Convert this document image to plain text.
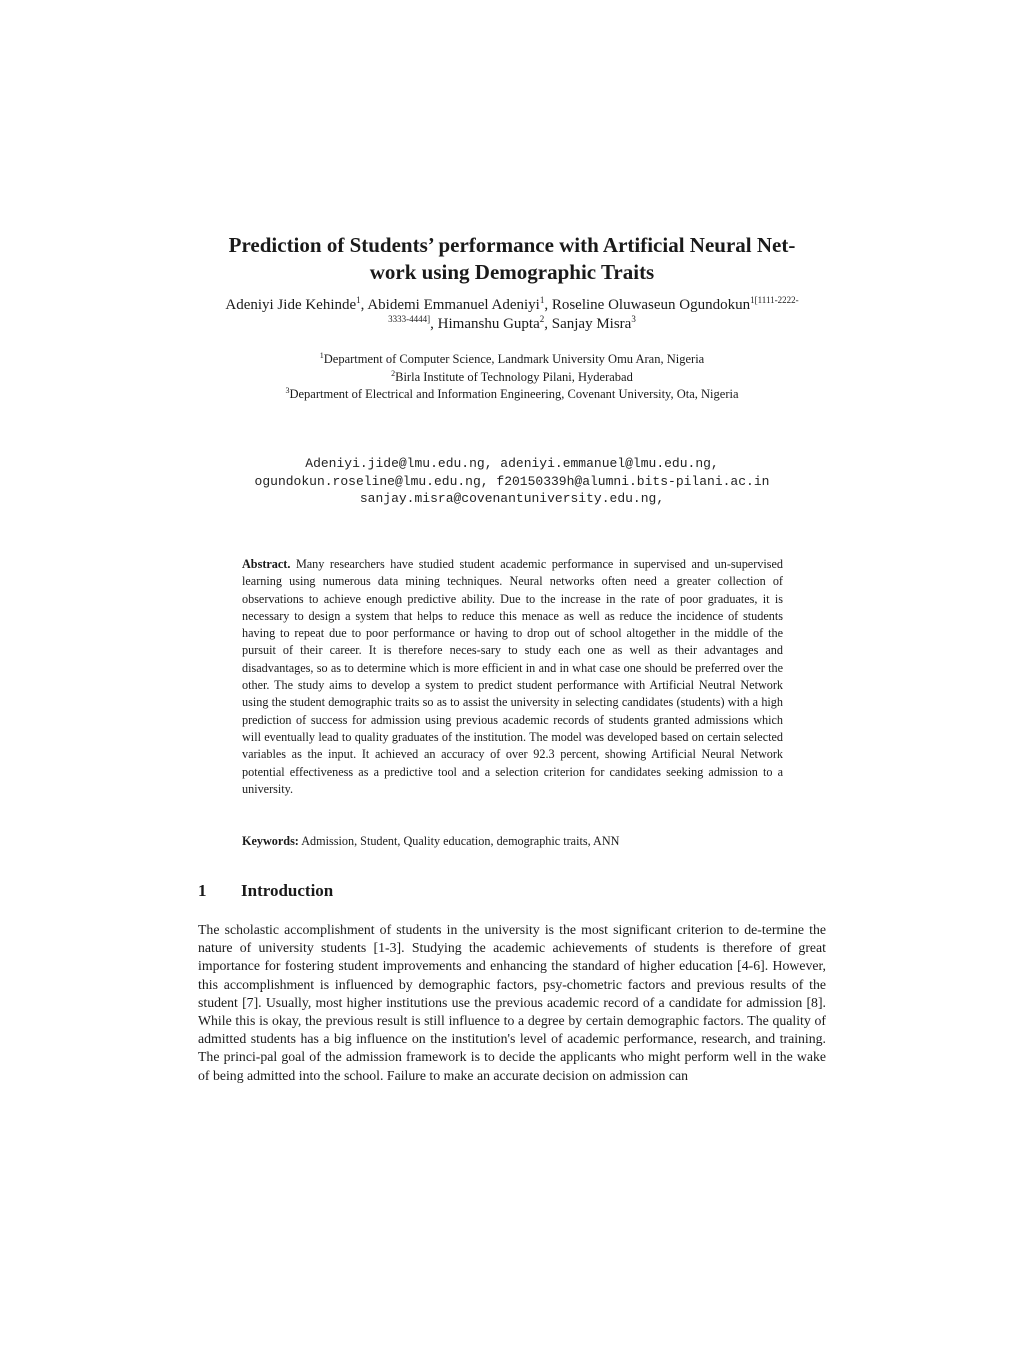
Prediction of Students’ performance with Artificial Neural Net-
work using Demographic Traits
Adeniyi Jide Kehinde$^1$, Abidemi Emmanuel Adeniyi$^1$, Roseline Oluwaseun Ogundokun$^{1[1111-2222-}$
$^{3333-4444]}$, Himanshu Gupta$^2$, Sanjay Misra$^3$
$^1$Department of Computer Science, Landmark University Omu Aran, Nigeria
$^2$Birla Institute of Technology Pilani, Hyderabad
$^3$Department of Electrical and Information Engineering, Covenant University, Ota, Nigeria
Adeniyi.jide@lmu.edu.ng, adeniyi.emmanuel@lmu.edu.ng,
ogundokun.roseline@lmu.edu.ng, f20150339h@alumni.bits-pilani.ac.in
sanjay.misra@covenantuniversity.edu.ng,
Abstract. Many researchers have studied student academic performance in supervised and un-supervised learning using numerous data mining techniques. Neural networks often need a greater collection of observations to achieve enough predictive ability. Due to the increase in the rate of poor graduates, it is necessary to design a system that helps to reduce this menace as well as reduce the incidence of students having to repeat due to poor performance or having to drop out of school altogether in the middle of the pursuit of their career. It is therefore neces-sary to study each one as well as their advantages and disadvantages, so as to determine which is more efficient in and in what case one should be preferred over the other. The study aims to develop a system to predict student performance with Artificial Neutral Network using the student demographic traits so as to assist the university in selecting candidates (students) with a high prediction of success for admission using previous academic records of students granted admissions which will eventually lead to quality graduates of the institution. The model was developed based on certain selected variables as the input. It achieved an accuracy of over 92.3 percent, showing Artificial Neural Network potential effectiveness as a predictive tool and a selection criterion for candidates seeking admission to a university.
Keywords: Admission, Student, Quality education, demographic traits, ANN
1 Introduction
The scholastic accomplishment of students in the university is the most significant criterion to de-termine the nature of university students [1-3]. Studying the academic achievements of students is therefore of great importance for fostering student improvements and enhancing the standard of higher education [4-6]. However, this accomplishment is influenced by demographic factors, psy-chometric factors and previous results of the student [7]. Usually, most higher institutions use the previous academic record of a candidate for admission [8]. While this is okay, the previous result is still influence to a degree by certain demographic factors. The quality of admitted students has a big influence on the institution's level of academic performance, research, and training. The princi-pal goal of the admission framework is to decide the applicants who might perform well in the wake of being admitted into the school. Failure to make an accurate decision on admission can
